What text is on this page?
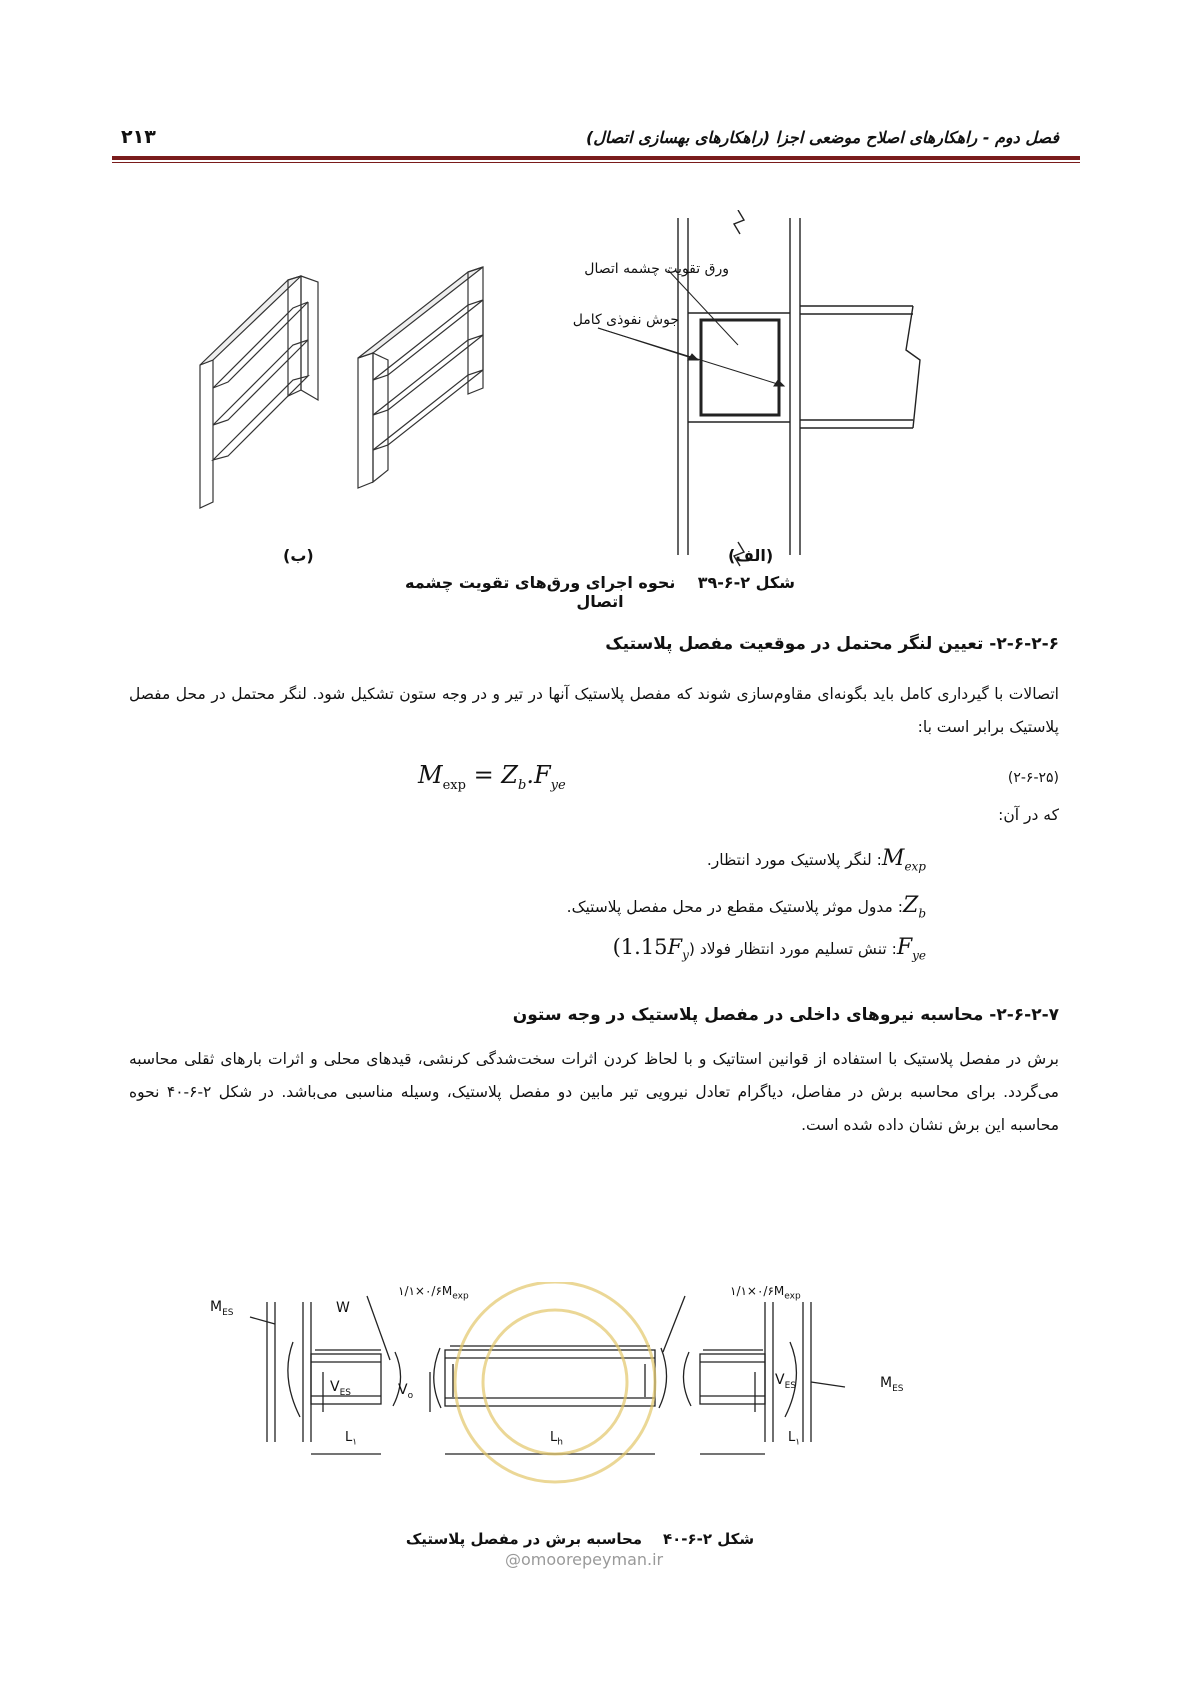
فصل دوم - راهکارهای اصلاح موضعی اجزا (راهکارهای بهسازی اتصال)
۲۱۳
ورق تقویت چشمه اتصال
جوش نفوذی کامل
(ب)	(الف)
شکل ۲-۶-۳۹    نحوه اجرای ورق‌های تقویت چشمه اتصال
۲-۶-۲-۶- تعیین لنگر محتمل در موقعیت مفصل پلاستیک
اتصالات با گیرداری کامل باید بگونه‌ای مقاوم‌سازی شوند که مفصل پلاستیک آنها در تیر و در وجه ستون تشکیل شود. لنگر محتمل در محل مفصل پلاستیک برابر است با:
$M_{exp} = Z_b.F_{ye}$	(۲-۶-۲۵)
که در آن:
$M_{exp}$: لنگر پلاستیک مورد انتظار.
$Z_b$: مدول موثر پلاستیک مقطع در محل مفصل پلاستیک.
$F_{ye}$: تنش تسلیم مورد انتظار فولاد $(1.15F_y)$
۲-۶-۲-۷- محاسبه نیروهای داخلی در مفصل پلاستیک در وجه ستون
برش در مفصل پلاستیک با استفاده از قوانین استاتیک و با لحاظ کردن اثرات سخت‌شدگی کرنشی، قیدهای محلی و اثرات بارهای ثقلی محاسبه می‌گردد. برای محاسبه برش در مفاصل، دیاگرام تعادل نیرویی تیر مابین دو مفصل پلاستیک، وسیله مناسبی می‌باشد. در شکل ۲-۶-۴۰ نحوه محاسبه این برش نشان داده شده است.
$M_{ES}$	W
$V_{ES}$	$V_o$
$L_۱$	$L_h$	$L_۱$
$V_{ES}$	$M_{ES}$
$۱/۱\times ۰/۶M_{exp}$	$۱/۱\times ۰/۶M_{exp}$
شکل ۲-۶-۴۰    محاسبه برش در مفصل پلاستیک
@omoorepeyman.ir
